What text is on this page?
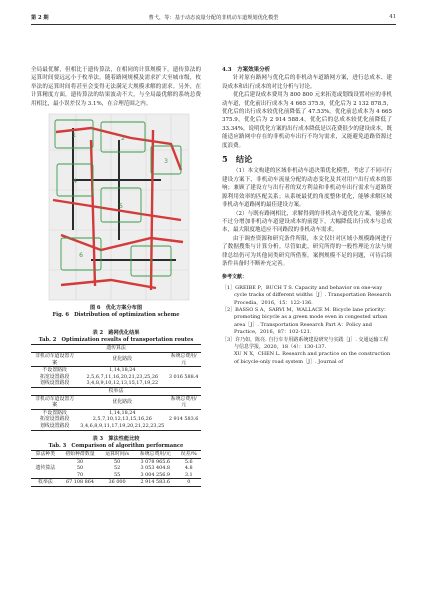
第 2 期	曹弋，等：基于动态流量分配的非机动车道规划优化模型	41

全局最优解，但相比于遗传算法，在相同的计算规模下，遗传算法的运算时间要远远小于枚举法。随着路网规模及需求扩大至城市级，枚举法的运算时间将甚至会变得无法满足大规模求解的需求。另外，在计算精度方面，遗传算法的结果波动不大，与全局最优解的系统总费用相比，最小误差仅为 3.1%，在合理范围之内。

1	2
3
4
5
6
7
图 6　优化方案分布图
Fig. 6　Distribution of optimization scheme
表 2　路网优化结果
Tab. 2　Optimization results of transportation routes
遗传算法		
非机动车道设置方案	优化路段	系统总费用/元
不设置路段	1,14,18,24	3 016 588.4
拓宽设置路段	2,5,6,7,11,16,20,21,23,25,26	
划线设置路段	3,4,8,9,10,12,13,15,17,19,22	
枚举法		
非机动车道设置方案	优化路段	系统总费用/元
不设置路段	1,14,18,24	2 914 583.6
拓宽设置路段	2,5,7,10,12,13,15,16,26	
划线设置路段	3,4,6,8,9,11,17,19,20,21,22,23,25	
表 3　算法性能比较
Tab. 3　Comparison of algorithm performance
算法种类	初始种群数量	运算时间/s	系统总费用/元	误差/%
遗传算法	30	50	3 078 965.6	5.6
	50	52	3 053 404.8	4.8
	70	55	3 004 256.9	3.1
枚举法	67 108 864	36 000	2 914 583.6	0

4.3　方案效果分析

针对原有路网与优化后的非机动车道路网方案，进行总成本、建设成本和出行成本的对比分析与讨论。

优化后建设成本费用为 800 800 元来拓宽或划线设置对应的非机动车道，优化前出行成本为 4 665 375.9，优化后为 2 132 878.5，优化后的出行成本较优化前降低了 47.53%。优化前总成本为 4 665 375.9，优化后为 2 914 588.4，优化后的总成本较优化前降低了 33.34%，说明优化方案的出行成本降低是以花费很少的建设成本，既能适应路网中存在的非机动车出行不均匀需求，又能避免道路资源过度浪费。

5　结论

（1）本文构建的区域非机动车道决策优化模型，考虑了不同可行建设方案下，非机动车流量分配的动态变化及其对用户出行成本的影响；兼顾了建设方与出行者的双方利益和非机动车出行需求与道路资源利用效率的匹配关系；从系统最优的角度整体优化，能够求解区域非机动车道路网的最佳建设方案。

（2）与既有路网相比，求解得到的非机动车道优化方案，能够在不过分增加非机动车道建设成本的前提下，大幅降低出行成本与总成本，最大限度地适应不同路段的非机动车需求。

由于调查资源和研究条件所限，本文仅针对区域小规模路网进行了数据搜集与计算分析。尽管如此，研究所得的一般性理论方法与规律总结仍可为其他同类研究所借鉴。案例规模不足的问题，可待后续条件具备时不断补充完善。

参考文献：

［1］GREIBE P，BUCH T S. Capacity and behavior on one-way cycle tracks of different widths［J］. Transportation Research Procedia，2016，15：122-136.

［2］BASSO S A，SARVI M，WALLACE M. Bicycle lane priority：promoting bicycle as a green mode even in congested urban area［J］. Transportation Research Part A：Policy and Practice，2016，87：102-121.

［3］许乃如，陈亮. 自行车专用路系统建设研究与实践［J］. 交通运输工程与信息学报，2020，18（4）：130-137.

XU N X，CHEN L. Research and practice on the construction of bicycle-only road system［J］. Journal of
